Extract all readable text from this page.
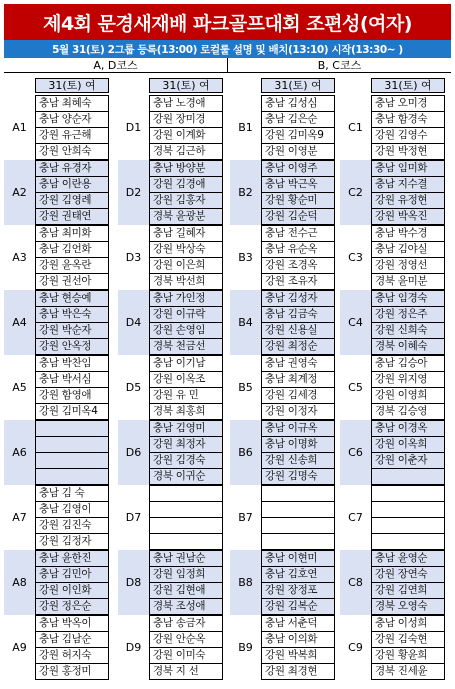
제4회 문경새재배 파크골프대회 조편성(여자)
5월 31(토) 2그룹 등록(13:00) 로컬룰 설명 및 배치(13:10) 시작(13:30~ )
A, D코스	B, C코스
31(토) 여
A1
충남 최혜숙
충남 양순자
강원 유근해
강원 안희숙
A2
충남 유경자
충남 이란용
강원 김영례
강원 권태연
A3
충남 최미화
충남 김언화
강원 윤옥란
강원 권선아
A4
충남 현승예
충남 박은숙
강원 박순자
강원 안옥정
A5
충남 박찬임
충남 박서심
강원 함영애
강원 김미옥4
A6
A7
충남 김 숙
충남 김영이
강원 김진숙
강원 김정자
A8
충남 윤한진
충남 김민아
강원 이인화
강원 정은순
A9
충남 박옥이
충남 김남순
강원 허지숙
강원 홍정미
31(토) 여
D1
충남 노경애
강원 장미경
강원 이계화
경북 김근하
D2
충남 방양분
강원 김경애
강원 김홍자
경북 윤광분
D3
충남 길혜자
강원 박상숙
강원 이은희
경북 박선희
D4
충남 가인정
강원 이규락
강원 손영임
경북 천금선
D5
충남 이기남
강원 이옥조
강원 유 민
경북 최홍희
D6
충남 김영미
강원 최정자
강원 김경숙
경북 이귀순
D7
D8
충남 권남순
강원 임정희
강원 김현애
경북 조성애
D9
충남 송금자
강원 안순옥
강원 이미숙
경북 지 선
31(토) 여
B1
충남 김성심
충남 김은순
강원 김미옥9
강원 이영분
B2
충남 이영주
충남 박근옥
강원 황순미
강원 김순덕
B3
충남 전수근
충남 유순옥
강원 조경옥
강원 조유자
B4
충남 김성자
충남 김금숙
강원 신용실
강원 최정순
B5
충남 권영숙
충남 최계정
강원 김세경
강원 이정자
B6
충남 이규옥
충남 이명화
강원 신송희
강원 김명숙
B7
B8
충남 이현미
충남 김호연
강원 장정포
강원 김복순
B9
충남 서춘덕
충남 이의화
강원 박복희
강원 최경현
31(토) 여
C1
충남 오미경
충남 함경숙
강원 김영수
강원 박정현
C2
충남 임미화
충남 지수결
강원 유정현
강원 박옥진
C3
충남 박수경
충남 김야실
강원 정영선
경북 윤미분
C4
충남 임경숙
강원 정은주
강원 신희숙
경북 이혜숙
C5
충남 김승아
강원 위지영
강원 이영희
경북 김승영
C6
충남 이경옥
강원 이옥희
강원 이춘자
C7
C8
충남 윤영순
강원 장연숙
강원 김연희
경북 오영숙
C9
충남 이성희
강원 김숙현
강원 황윤희
경북 진세윤
